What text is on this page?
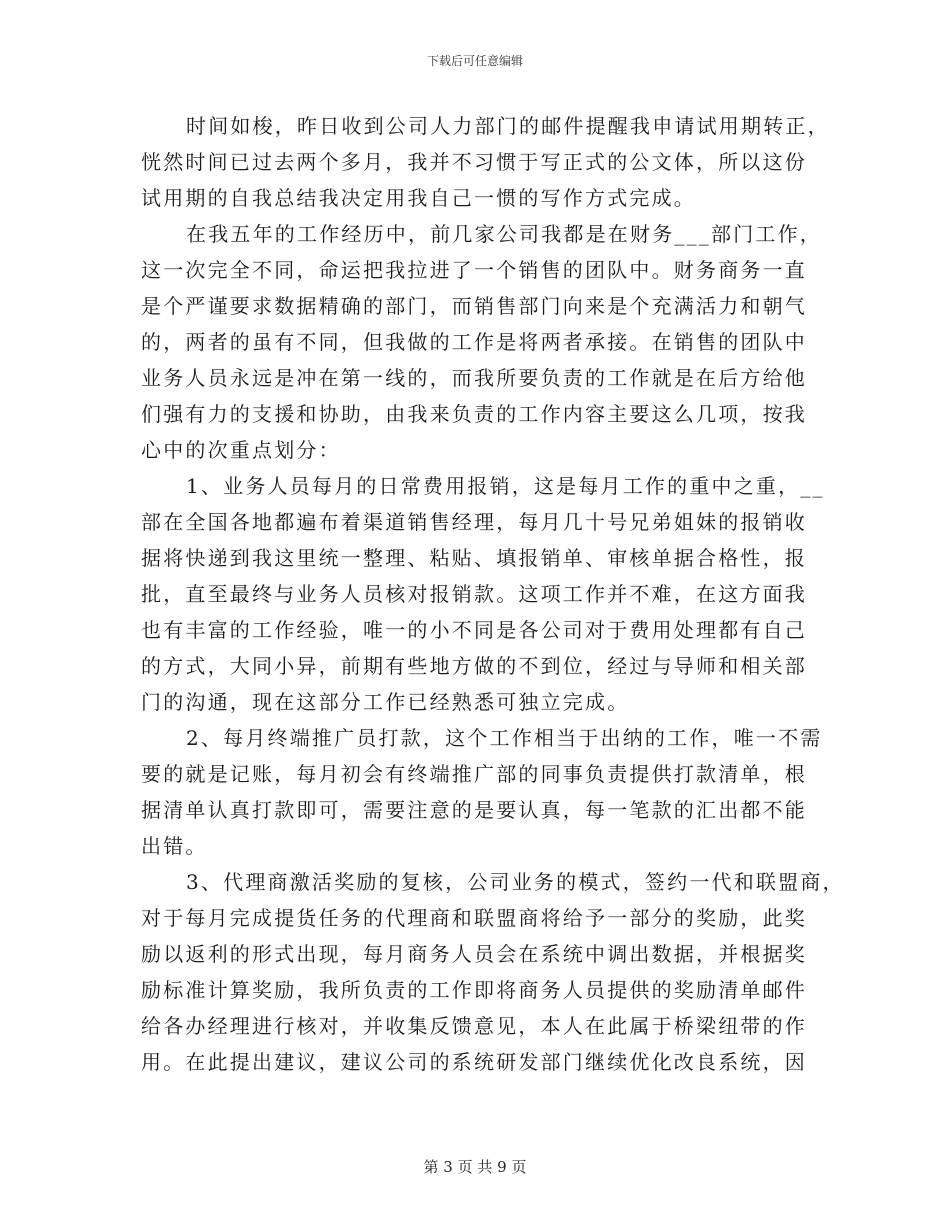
下载后可任意编辑

时间如梭，昨日收到公司人力部门的邮件提醒我申请试用期转正，
恍然时间已过去两个多月，我并不习惯于写正式的公文体，所以这份
试用期的自我总结我决定用我自己一惯的写作方式完成。

在我五年的工作经历中，前几家公司我都是在财务___部门工作，
这一次完全不同，命运把我拉进了一个销售的团队中。财务商务一直
是个严谨要求数据精确的部门，而销售部门向来是个充满活力和朝气
的，两者的虽有不同，但我做的工作是将两者承接。在销售的团队中
业务人员永远是冲在第一线的，而我所要负责的工作就是在后方给他
们强有力的支援和协助，由我来负责的工作内容主要这么几项，按我
心中的次重点划分：

1、业务人员每月的日常费用报销，这是每月工作的重中之重，__
部在全国各地都遍布着渠道销售经理，每月几十号兄弟姐妹的报销收
据将快递到我这里统一整理、粘贴、填报销单、审核单据合格性，报
批，直至最终与业务人员核对报销款。这项工作并不难，在这方面我
也有丰富的工作经验，唯一的小不同是各公司对于费用处理都有自己
的方式，大同小异，前期有些地方做的不到位，经过与导师和相关部
门的沟通，现在这部分工作已经熟悉可独立完成。

2、每月终端推广员打款，这个工作相当于出纳的工作，唯一不需
要的就是记账，每月初会有终端推广部的同事负责提供打款清单，根
据清单认真打款即可，需要注意的是要认真，每一笔款的汇出都不能
出错。

3、代理商激活奖励的复核，公司业务的模式，签约一代和联盟商，
对于每月完成提货任务的代理商和联盟商将给予一部分的奖励，此奖
励以返利的形式出现，每月商务人员会在系统中调出数据，并根据奖
励标准计算奖励，我所负责的工作即将商务人员提供的奖励清单邮件
给各办经理进行核对，并收集反馈意见，本人在此属于桥梁纽带的作
用。在此提出建议，建议公司的系统研发部门继续优化改良系统，因

第 3 页 共 9 页
